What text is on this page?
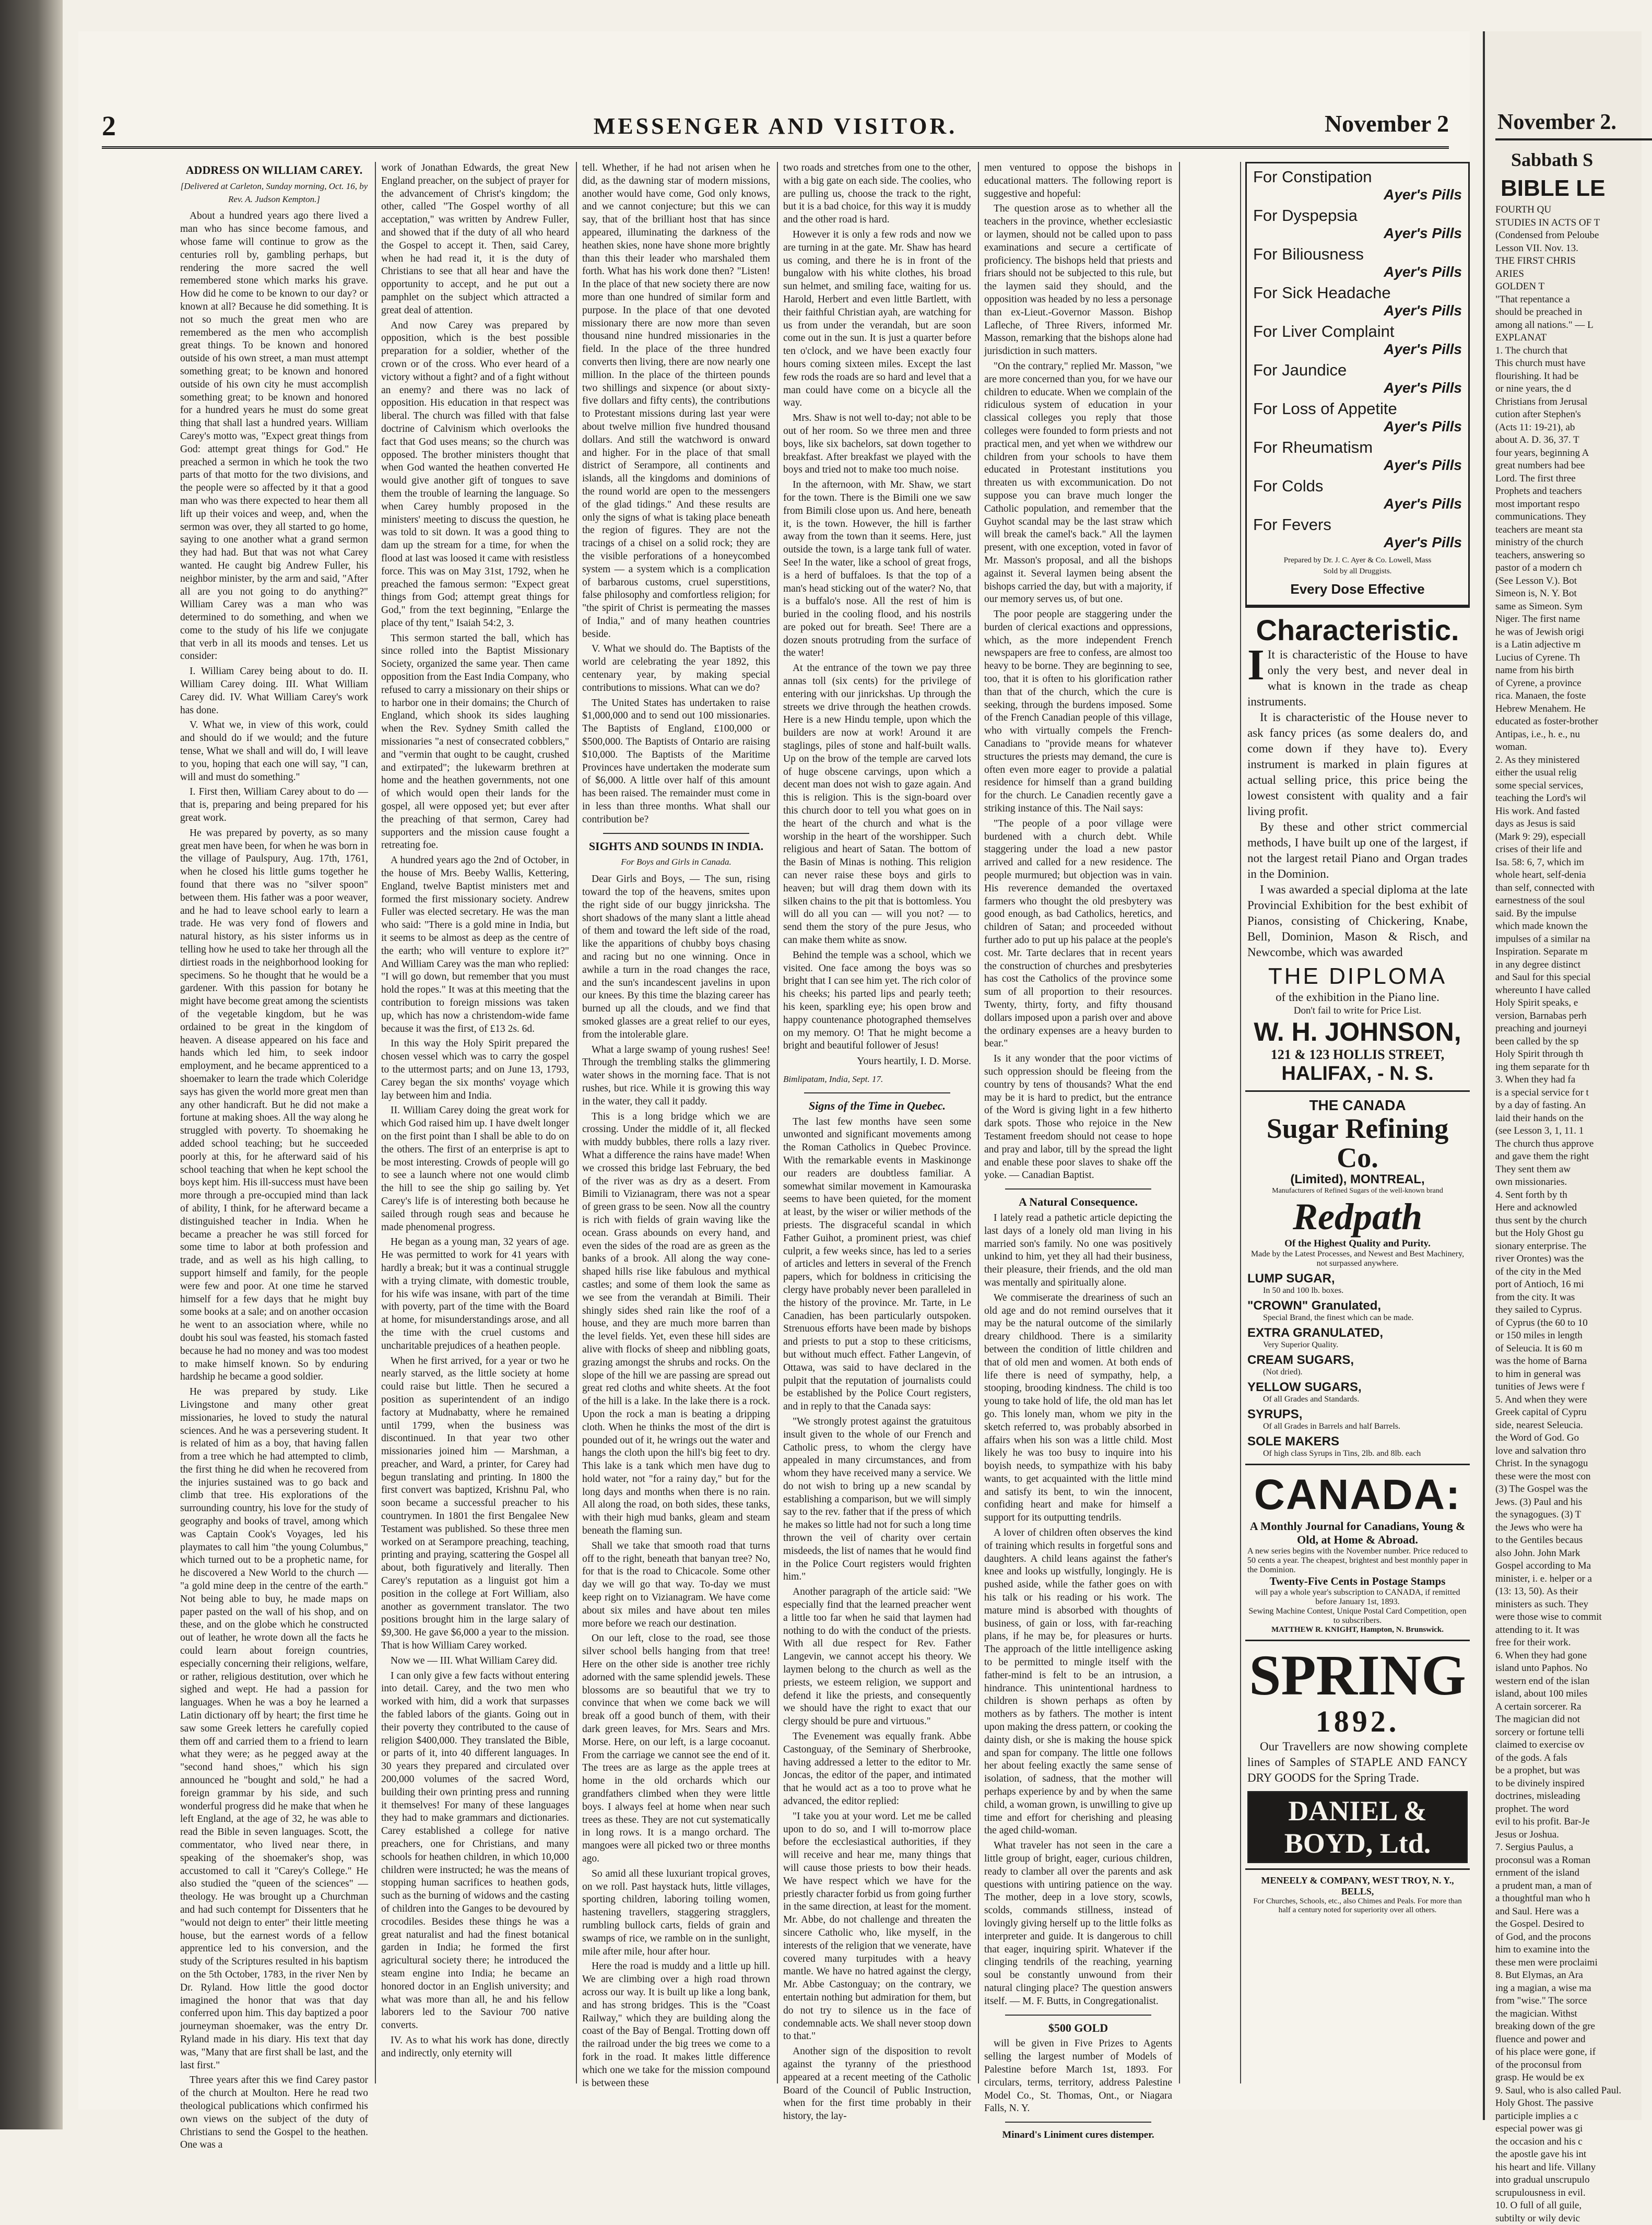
2	MESSENGER AND VISITOR.	November 2
ADDRESS ON WILLIAM CAREY.
[Delivered at Carleton, Sunday morning, Oct. 16, by Rev. A. Judson Kempton.]

About a hundred years ago there lived a man who has since become famous, and whose fame will continue to grow as the centuries roll by, gambling perhaps, but rendering the more sacred the well remembered stone which marks his grave. How did he come to be known to our day? or known at all? Because he did something. It is not so much the great men who are remembered as the men who accomplish great things. To be known and honored outside of his own street, a man must attempt something great; to be known and honored outside of his own city he must accomplish something great; to be known and honored for a hundred years he must do some great thing that shall last a hundred years. William Carey's motto was, "Expect great things from God: attempt great things for God." He preached a sermon in which he took the two parts of that motto for the two divisions, and the people were so affected by it that a good man who was there expected to hear them all lift up their voices and weep, and, when the sermon was over, they all started to go home, saying to one another what a grand sermon they had had. But that was not what Carey wanted. He caught big Andrew Fuller, his neighbor minister, by the arm and said, "After all are you not going to do anything?" William Carey was a man who was determined to do something, and when we come to the study of his life we conjugate that verb in all its moods and tenses. Let us consider:

I. William Carey being about to do. II. William Carey doing. III. What William Carey did. IV. What William Carey's work has done.

V. What we, in view of this work, could and should do if we would; and the future tense, What we shall and will do, I will leave to you, hoping that each one will say, "I can, will and must do something."

I. First then, William Carey about to do — that is, preparing and being prepared for his great work.

He was prepared by poverty, as so many great men have been, for when he was born in the village of Paulspury, Aug. 17th, 1761, when he closed his little gums together he found that there was no "silver spoon" between them. His father was a poor weaver, and he had to leave school early to learn a trade. He was very fond of flowers and natural history, as his sister informs us in telling how he used to take her through all the dirtiest roads in the neighborhood looking for specimens. So he thought that he would be a gardener. With this passion for botany he might have become great among the scientists of the vegetable kingdom, but he was ordained to be great in the kingdom of heaven. A disease appeared on his face and hands which led him, to seek indoor employment, and he became apprenticed to a shoemaker to learn the trade which Coleridge says has given the world more great men than any other handicraft. But he did not make a fortune at making shoes. All the way along he struggled with poverty. To shoemaking he added school teaching; but he succeeded poorly at this, for he afterward said of his school teaching that when he kept school the boys kept him. His ill-success must have been more through a pre-occupied mind than lack of ability, I think, for he afterward became a distinguished teacher in India. When he became a preacher he was still forced for some time to labor at both profession and trade, and as well as his high calling, to support himself and family, for the people were few and poor. At one time he starved himself for a few days that he might buy some books at a sale; and on another occasion he went to an association where, while no doubt his soul was feasted, his stomach fasted because he had no money and was too modest to make himself known. So by enduring hardship he became a good soldier.

He was prepared by study. Like Livingstone and many other great missionaries, he loved to study the natural sciences. And he was a persevering student. It is related of him as a boy, that having fallen from a tree which he had attempted to climb, the first thing he did when he recovered from the injuries sustained was to go back and climb that tree. His explorations of the surrounding country, his love for the study of geography and books of travel, among which was Captain Cook's Voyages, led his playmates to call him "the young Columbus," which turned out to be a prophetic name, for he discovered a New World to the church — "a gold mine deep in the centre of the earth." Not being able to buy, he made maps on paper pasted on the wall of his shop, and on these, and on the globe which he constructed out of leather, he wrote down all the facts he could learn about foreign countries, especially concerning their religions, welfare, or rather, religious destitution, over which he sighed and wept. He had a passion for languages. When he was a boy he learned a Latin dictionary off by heart; the first time he saw some Greek letters he carefully copied them off and carried them to a friend to learn what they were; as he pegged away at the "second hand shoes," which his sign announced he "bought and sold," he had a foreign grammar by his side, and such wonderful progress did he make that when he left England, at the age of 32, he was able to read the Bible in seven languages. Scott, the commentator, who lived near there, in speaking of the shoemaker's shop, was accustomed to call it "Carey's College." He also studied the "queen of the sciences" — theology. He was brought up a Churchman and had such contempt for Dissenters that he "would not deign to enter" their little meeting house, but the earnest words of a fellow apprentice led to his conversion, and the study of the Scriptures resulted in his baptism on the 5th October, 1783, in the river Nen by Dr. Ryland. How little the good doctor imagined the honor that was that day conferred upon him. This day baptized a poor journeyman shoemaker, was the entry Dr. Ryland made in his diary. His text that day was, "Many that are first shall be last, and the last first."

Three years after this we find Carey pastor of the church at Moulton. Here he read two theological publications which confirmed his own views on the subject of the duty of Christians to send the Gospel to the heathen. One was a

work of Jonathan Edwards, the great New England preacher, on the subject of prayer for the advancement of Christ's kingdom; the other, called "The Gospel worthy of all acceptation," was written by Andrew Fuller, and showed that if the duty of all who heard the Gospel to accept it. Then, said Carey, when he had read it, it is the duty of Christians to see that all hear and have the opportunity to accept, and he put out a pamphlet on the subject which attracted a great deal of attention.

And now Carey was prepared by opposition, which is the best possible preparation for a soldier, whether of the crown or of the cross. Who ever heard of a victory without a fight? and of a fight without an enemy? and there was no lack of opposition. His education in that respect was liberal. The church was filled with that false doctrine of Calvinism which overlooks the fact that God uses means; so the church was opposed. The brother ministers thought that when God wanted the heathen converted He would give another gift of tongues to save them the trouble of learning the language. So when Carey humbly proposed in the ministers' meeting to discuss the question, he was told to sit down. It was a good thing to dam up the stream for a time, for when the flood at last was loosed it came with resistless force. This was on May 31st, 1792, when he preached the famous sermon: "Expect great things from God; attempt great things for God," from the text beginning, "Enlarge the place of thy tent," Isaiah 54:2, 3.

This sermon started the ball, which has since rolled into the Baptist Missionary Society, organized the same year. Then came opposition from the East India Company, who refused to carry a missionary on their ships or to harbor one in their domains; the Church of England, which shook its sides laughing when the Rev. Sydney Smith called the missionaries "a nest of consecrated cobblers," and "vermin that ought to be caught, crushed and extirpated"; the lukewarm brethren at home and the heathen governments, not one of which would open their lands for the gospel, all were opposed yet; but ever after the preaching of that sermon, Carey had supporters and the mission cause fought a retreating foe.

A hundred years ago the 2nd of October, in the house of Mrs. Beeby Wallis, Kettering, England, twelve Baptist ministers met and formed the first missionary society. Andrew Fuller was elected secretary. He was the man who said: "There is a gold mine in India, but it seems to be almost as deep as the centre of the earth; who will venture to explore it?" And William Carey was the man who replied: "I will go down, but remember that you must hold the ropes." It was at this meeting that the contribution to foreign missions was taken up, which has now a christendom-wide fame because it was the first, of £13 2s. 6d.

In this way the Holy Spirit prepared the chosen vessel which was to carry the gospel to the uttermost parts; and on June 13, 1793, Carey began the six months' voyage which lay between him and India.

II. William Carey doing the great work for which God raised him up. I have dwelt longer on the first point than I shall be able to do on the others. The first of an enterprise is apt to be most interesting. Crowds of people will go to see a launch where not one would climb the hill to see the ship go sailing by. Yet Carey's life is of interesting both because he sailed through rough seas and because he made phenomenal progress.

He began as a young man, 32 years of age. He was permitted to work for 41 years with hardly a break; but it was a continual struggle with a trying climate, with domestic trouble, for his wife was insane, with part of the time with poverty, part of the time with the Board at home, for misunderstandings arose, and all the time with the cruel customs and uncharitable prejudices of a heathen people.

When he first arrived, for a year or two he nearly starved, as the little society at home could raise but little. Then he secured a position as superintendent of an indigo factory at Mudnabatty, where he remained until 1799, when the business was discontinued. In that year two other missionaries joined him — Marshman, a preacher, and Ward, a printer, for Carey had begun translating and printing. In 1800 the first convert was baptized, Krishnu Pal, who soon became a successful preacher to his countrymen. In 1801 the first Bengalee New Testament was published. So these three men worked on at Serampore preaching, teaching, printing and praying, scattering the Gospel all about, both figuratively and literally. Then Carey's reputation as a linguist got him a position in the college at Fort William, also another as government translator. The two positions brought him in the large salary of $9,300. He gave $6,000 a year to the mission. That is how William Carey worked.

Now we — III. What William Carey did.

I can only give a few facts without entering into detail. Carey, and the two men who worked with him, did a work that surpasses the fabled labors of the giants. Going out in their poverty they contributed to the cause of religion $400,000. They translated the Bible, or parts of it, into 40 different languages. In 30 years they prepared and circulated over 200,000 volumes of the sacred Word, building their own printing press and running it themselves! For many of these languages they had to make grammars and dictionaries. Carey established a college for native preachers, one for Christians, and many schools for heathen children, in which 10,000 children were instructed; he was the means of stopping human sacrifices to heathen gods, such as the burning of widows and the casting of children into the Ganges to be devoured by crocodiles. Besides these things he was a great naturalist and had the finest botanical garden in India; he formed the first agricultural society there; he introduced the steam engine into India; he became an honored doctor in an English university; and what was more than all, he and his fellow laborers led to the Saviour 700 native converts.

IV. As to what his work has done, directly and indirectly, only eternity will

tell. Whether, if he had not arisen when he did, as the dawning star of modern missions, another would have come, God only knows, and we cannot conjecture; but this we can say, that of the brilliant host that has since appeared, illuminating the darkness of the heathen skies, none have shone more brightly than this their leader who marshaled them forth. What has his work done then? "Listen! In the place of that new society there are now more than one hundred of similar form and purpose. In the place of that one devoted missionary there are now more than seven thousand nine hundred missionaries in the field. In the place of the three hundred converts then living, there are now nearly one million. In the place of the thirteen pounds two shillings and sixpence (or about sixty-five dollars and fifty cents), the contributions to Protestant missions during last year were about twelve million five hundred thousand dollars. And still the watchword is onward and higher. For in the place of that small district of Serampore, all continents and islands, all the kingdoms and dominions of the round world are open to the messengers of the glad tidings." And these results are only the signs of what is taking place beneath the region of figures. They are not the tracings of a chisel on a solid rock; they are the visible perforations of a honeycombed system — a system which is a complication of barbarous customs, cruel superstitions, false philosophy and comfortless religion; for "the spirit of Christ is permeating the masses of India," and of many heathen countries beside.

V. What we should do. The Baptists of the world are celebrating the year 1892, this centenary year, by making special contributions to missions. What can we do?

The United States has undertaken to raise $1,000,000 and to send out 100 missionaries. The Baptists of England, £100,000 or $500,000. The Baptists of Ontario are raising $10,000. The Baptists of the Maritime Provinces have undertaken the moderate sum of $6,000. A little over half of this amount has been raised. The remainder must come in in less than three months. What shall our contribution be?

SIGHTS AND SOUNDS IN INDIA.
For Boys and Girls in Canada.

Dear Girls and Boys, — The sun, rising toward the top of the heavens, smites upon the right side of our buggy jinricksha. The short shadows of the many slant a little ahead of them and toward the left side of the road, like the apparitions of chubby boys chasing and racing but no one winning. Once in awhile a turn in the road changes the race, and the sun's incandescent javelins in upon our knees. By this time the blazing career has burned up all the clouds, and we find that smoked glasses are a great relief to our eyes, from the intolerable glare.

What a large swamp of young rushes! See! Through the trembling stalks the glimmering water shows in the morning face. That is not rushes, but rice. While it is growing this way in the water, they call it paddy.

This is a long bridge which we are crossing. Under the middle of it, all flecked with muddy bubbles, there rolls a lazy river. What a difference the rains have made! When we crossed this bridge last February, the bed of the river was as dry as a desert. From Bimili to Vizianagram, there was not a spear of green grass to be seen. Now all the country is rich with fields of grain waving like the ocean. Grass abounds on every hand, and even the sides of the road are as green as the banks of a brook. All along the way cone-shaped hills rise like fabulous and mythical castles; and some of them look the same as we see from the verandah at Bimili. Their shingly sides shed rain like the roof of a house, and they are much more barren than the level fields. Yet, even these hill sides are alive with flocks of sheep and nibbling goats, grazing amongst the shrubs and rocks. On the slope of the hill we are passing are spread out great red cloths and white sheets. At the foot of the hill is a lake. In the lake there is a rock. Upon the rock a man is beating a dripping cloth. When he thinks the most of the dirt is pounded out of it, he wrings out the water and hangs the cloth upon the hill's big feet to dry. This lake is a tank which men have dug to hold water, not "for a rainy day," but for the long days and months when there is no rain. All along the road, on both sides, these tanks, with their high mud banks, gleam and steam beneath the flaming sun.

Shall we take that smooth road that turns off to the right, beneath that banyan tree? No, for that is the road to Chicacole. Some other day we will go that way. To-day we must keep right on to Vizianagram. We have come about six miles and have about ten miles more before we reach our destination.

On our left, close to the road, see those silver school bells hanging from that tree! Here on the other side is another tree richly adorned with the same splendid jewels. These blossoms are so beautiful that we try to convince that when we come back we will break off a good bunch of them, with their dark green leaves, for Mrs. Sears and Mrs. Morse. Here, on our left, is a large cocoanut. From the carriage we cannot see the end of it. The trees are as large as the apple trees at home in the old orchards which our grandfathers climbed when they were little boys. I always feel at home when near such trees as these. They are not cut systematically in long rows. It is a mango orchard. The mangoes were all picked two or three months ago.

So amid all these luxuriant tropical groves, on we roll. Past haystack huts, little villages, sporting children, laboring toiling women, hastening travellers, staggering stragglers, rumbling bullock carts, fields of grain and swamps of rice, we ramble on in the sunlight, mile after mile, hour after hour.

Here the road is muddy and a little up hill. We are climbing over a high road thrown across our way. It is built up like a long bank, and has strong bridges. This is the "Coast Railway," which they are building along the coast of the Bay of Bengal. Trotting down off the railroad under the big trees we come to a fork in the road. It makes little difference which one we take for the mission compound is between these

two roads and stretches from one to the other, with a big gate on each side. The coolies, who are pulling us, choose the track to the right, but it is a bad choice, for this way it is muddy and the other road is hard.

However it is only a few rods and now we are turning in at the gate. Mr. Shaw has heard us coming, and there he is in front of the bungalow with his white clothes, his broad sun helmet, and smiling face, waiting for us. Harold, Herbert and even little Bartlett, with their faithful Christian ayah, are watching for us from under the verandah, but are soon come out in the sun. It is just a quarter before ten o'clock, and we have been exactly four hours coming sixteen miles. Except the last few rods the roads are so hard and level that a man could have come on a bicycle all the way.

Mrs. Shaw is not well to-day; not able to be out of her room. So we three men and three boys, like six bachelors, sat down together to breakfast. After breakfast we played with the boys and tried not to make too much noise.

In the afternoon, with Mr. Shaw, we start for the town. There is the Bimili one we saw from Bimili close upon us. And here, beneath it, is the town. However, the hill is farther away from the town than it seems. Here, just outside the town, is a large tank full of water. See! In the water, like a school of great frogs, is a herd of buffaloes. Is that the top of a man's head sticking out of the water? No, that is a buffalo's nose. All the rest of him is buried in the cooling flood, and his nostrils are poked out for breath. See! There are a dozen snouts protruding from the surface of the water!

At the entrance of the town we pay three annas toll (six cents) for the privilege of entering with our jinrickshas. Up through the streets we drive through the heathen crowds. Here is a new Hindu temple, upon which the builders are now at work! Around it are staglings, piles of stone and half-built walls. Up on the brow of the temple are carved lots of huge obscene carvings, upon which a decent man does not wish to gaze again. And this is religion. This is the sign-board over this church door to tell you what goes on in the heart of the church and what is the worship in the heart of the worshipper. Such religious and heart of Satan. The bottom of the Basin of Minas is nothing. This religion can never raise these boys and girls to heaven; but will drag them down with its silken chains to the pit that is bottomless. You will do all you can — will you not? — to send them the story of the pure Jesus, who can make them white as snow.

Behind the temple was a school, which we visited. One face among the boys was so bright that I can see him yet. The rich color of his cheeks; his parted lips and pearly teeth; his keen, sparkling eye; his open brow and happy countenance photographed themselves on my memory. O! That he might become a bright and beautiful follower of Jesus!

Yours heartily, I. D. Morse.
Bimlipatam, India, Sept. 17.
Signs of the Time in Quebec.

The last few months have seen some unwonted and significant movements among the Roman Catholics in Quebec Province. With the remarkable events in Maskinonge our readers are doubtless familiar. A somewhat similar movement in Kamouraska seems to have been quieted, for the moment at least, by the wiser or wilier methods of the priests. The disgraceful scandal in which Father Guihot, a prominent priest, was chief culprit, a few weeks since, has led to a series of articles and letters in several of the French papers, which for boldness in criticising the clergy have probably never been paralleled in the history of the province. Mr. Tarte, in Le Canadien, has been particularly outspoken. Strenuous efforts have been made by bishops and priests to put a stop to these criticisms, but without much effect. Father Langevin, of Ottawa, was said to have declared in the pulpit that the reputation of journalists could be established by the Police Court registers, and in reply to that the Canada says:

"We strongly protest against the gratuitous insult given to the whole of our French and Catholic press, to whom the clergy have appealed in many circumstances, and from whom they have received many a service. We do not wish to bring up a new scandal by establishing a comparison, but we will simply say to the rev. father that if the press of which he makes so little had not for such a long time thrown the veil of charity over certain misdeeds, the list of names that he would find in the Police Court registers would frighten him."

Another paragraph of the article said: "We especially find that the learned preacher went a little too far when he said that laymen had nothing to do with the conduct of the priests. With all due respect for Rev. Father Langevin, we cannot accept his theory. We laymen belong to the church as well as the priests, we esteem religion, we support and defend it like the priests, and consequently we should have the right to exact that our clergy should be pure and virtuous."

The Evenement was equally frank. Abbe Castonguay, of the Seminary of Sherbrooke, having addressed a letter to the editor to Mr. Joncas, the editor of the paper, and intimated that he would act as a too to prove what he advanced, the editor replied:

"I take you at your word. Let me be called upon to do so, and I will to-morrow place before the ecclesiastical authorities, if they will receive and hear me, many things that will cause those priests to bow their heads. We have respect which we have for the priestly character forbid us from going further in the same direction, at least for the moment. Mr. Abbe, do not challenge and threaten the sincere Catholic who, like myself, in the interests of the religion that we venerate, have covered many turpitudes with a heavy mantle. We have no hatred against the clergy, Mr. Abbe Castonguay; on the contrary, we entertain nothing but admiration for them, but do not try to silence us in the face of condemnable acts. We shall never stoop down to that."

Another sign of the disposition to revolt against the tyranny of the priesthood appeared at a recent meeting of the Catholic Board of the Council of Public Instruction, when for the first time probably in their history, the lay-

men ventured to oppose the bishops in educational matters. The following report is suggestive and hopeful:

The question arose as to whether all the teachers in the province, whether ecclesiastic or laymen, should not be called upon to pass examinations and secure a certificate of proficiency. The bishops held that priests and friars should not be subjected to this rule, but the laymen said they should, and the opposition was headed by no less a personage than ex-Lieut.-Governor Masson. Bishop Lafleche, of Three Rivers, informed Mr. Masson, remarking that the bishops alone had jurisdiction in such matters.

"On the contrary," replied Mr. Masson, "we are more concerned than you, for we have our children to educate. When we complain of the ridiculous system of education in your classical colleges you reply that those colleges were founded to form priests and not practical men, and yet when we withdrew our children from your schools to have them educated in Protestant institutions you threaten us with excommunication. Do not suppose you can brave much longer the Catholic population, and remember that the Guyhot scandal may be the last straw which will break the camel's back." All the laymen present, with one exception, voted in favor of Mr. Masson's proposal, and all the bishops against it. Several laymen being absent the bishops carried the day, but with a majority, if our memory serves us, of but one.

The poor people are staggering under the burden of clerical exactions and oppressions, which, as the more independent French newspapers are free to confess, are almost too heavy to be borne. They are beginning to see, too, that it is often to his glorification rather than that of the church, which the cure is seeking, through the burdens imposed. Some of the French Canadian people of this village, who with virtually compels the French-Canadians to "provide means for whatever structures the priests may demand, the cure is often even more eager to provide a palatial residence for himself than a grand building for the church. Le Canadien recently gave a striking instance of this. The Nail says:

"The people of a poor village were burdened with a church debt. While staggering under the load a new pastor arrived and called for a new residence. The people murmured; but objection was in vain. His reverence demanded the overtaxed farmers who thought the old presbytery was good enough, as bad Catholics, heretics, and children of Satan; and proceeded without further ado to put up his palace at the people's cost. Mr. Tarte declares that in recent years the construction of churches and presbyteries has cost the Catholics of the province some sum of all proportion to their resources. Twenty, thirty, forty, and fifty thousand dollars imposed upon a parish over and above the ordinary expenses are a heavy burden to bear."

Is it any wonder that the poor victims of such oppression should be fleeing from the country by tens of thousands? What the end may be it is hard to predict, but the entrance of the Word is giving light in a few hitherto dark spots. Those who rejoice in the New Testament freedom should not cease to hope and pray and labor, till by the spread the light and enable these poor slaves to shake off the yoke. — Canadian Baptist.

A Natural Consequence.

I lately read a pathetic article depicting the last days of a lonely old man living in his married son's family. No one was positively unkind to him, yet they all had their business, their pleasure, their friends, and the old man was mentally and spiritually alone.

We commiserate the dreariness of such an old age and do not remind ourselves that it may be the natural outcome of the similarly dreary childhood. There is a similarity between the condition of little children and that of old men and women. At both ends of life there is need of sympathy, help, a stooping, brooding kindness. The child is too young to take hold of life, the old man has let go. This lonely man, whom we pity in the sketch referred to, was probably absorbed in affairs when his son was a little child. Most likely he was too busy to inquire into his boyish needs, to sympathize with his baby wants, to get acquainted with the little mind and satisfy its bent, to win the innocent, confiding heart and make for himself a support for its outputting tendrils.

A lover of children often observes the kind of training which results in forgetful sons and daughters. A child leans against the father's knee and looks up wistfully, longingly. He is pushed aside, while the father goes on with his talk or his reading or his work. The mature mind is absorbed with thoughts of business, of gain or loss, with far-reaching plans, if he may be, for pleasures or hurts. The approach of the little intelligence asking to be permitted to mingle itself with the father-mind is felt to be an intrusion, a hindrance. This unintentional hardness to children is shown perhaps as often by mothers as by fathers. The mother is intent upon making the dress pattern, or cooking the dainty dish, or she is making the house spick and span for company. The little one follows her about feeling exactly the same sense of isolation, of sadness, that the mother will perhaps experience by and by when the same child, a woman grown, is unwilling to give up time and effort for cherishing and pleasing the aged child-woman.

What traveler has not seen in the care a little group of bright, eager, curious children, ready to clamber all over the parents and ask questions with untiring patience on the way. The mother, deep in a love story, scowls, scolds, commands stillness, instead of lovingly giving herself up to the little folks as interpreter and guide. It is dangerous to chill that eager, inquiring spirit. Whatever if the clinging tendrils of the reaching, yearning soul be constantly unwound from their natural clinging place? The question answers itself. — M. F. Butts, in Congregationalist.

$500 GOLD

will be given in Five Prizes to Agents selling the largest number of Models of Palestine before March 1st, 1893. For circulars, terms, territory, address Palestine Model Co., St. Thomas, Ont., or Niagara Falls, N. Y.

Minard's Liniment cures distemper.
For Constipation
Ayer's Pills
For Dyspepsia
Ayer's Pills
For Biliousness
Ayer's Pills
For Sick Headache
Ayer's Pills
For Liver Complaint
Ayer's Pills
For Jaundice
Ayer's Pills
For Loss of Appetite
Ayer's Pills
For Rheumatism
Ayer's Pills
For Colds
Ayer's Pills
For Fevers
Ayer's Pills
Prepared by Dr. J. C. Ayer & Co. Lowell, Mass
Sold by all Druggists.
Every Dose Effective
Characteristic.
I It is characteristic of the House to have only the very best, and never deal in what is known in the trade as cheap instruments.
It is characteristic of the House never to ask fancy prices (as some dealers do, and come down if they have to). Every instrument is marked in plain figures at actual selling price, this price being the lowest consistent with quality and a fair living profit.
By these and other strict commercial methods, I have built up one of the largest, if not the largest retail Piano and Organ trades in the Dominion.
I was awarded a special diploma at the late Provincial Exhibition for the best exhibit of Pianos, consisting of Chickering, Knabe, Bell, Dominion, Mason & Risch, and Newcombe, which was awarded
THE DIPLOMA
of the exhibition in the Piano line.
Don't fail to write for Price List.
W. H. JOHNSON,
121 & 123 HOLLIS STREET,
HALIFAX, - N. S.
THE CANADA
Sugar Refining Co.
(Limited), MONTREAL,
Manufacturers of Refined Sugars of the well-known brand
Redpath
Of the Highest Quality and Purity.
Made by the Latest Processes, and Newest and Best Machinery, not surpassed anywhere.
LUMP SUGAR,
In 50 and 100 lb. boxes.
"CROWN" Granulated,
Special Brand, the finest which can be made.
EXTRA GRANULATED,
Very Superior Quality.
CREAM SUGARS,
(Not dried).
YELLOW SUGARS,
Of all Grades and Standards.
SYRUPS,
Of all Grades in Barrels and half Barrels.
SOLE MAKERS
Of high class Syrups in Tins, 2lb. and 8lb. each
CANADA:
A Monthly Journal for Canadians, Young & Old, at Home & Abroad.
A new series begins with the November number. Price reduced to 50 cents a year. The cheapest, brightest and best monthly paper in the Dominion.
Twenty-Five Cents in Postage Stamps
will pay a whole year's subscription to CANADA, if remitted before January 1st, 1893.
Sewing Machine Contest, Unique Postal Card Competition, open to subscribers.
MATTHEW R. KNIGHT, Hampton, N. Brunswick.
SPRING
1892.
Our Travellers are now showing complete lines of Samples of STAPLE AND FANCY DRY GOODS for the Spring Trade.
DANIEL & BOYD, Ltd.
MENEELY & COMPANY, WEST TROY, N. Y., BELLS,
For Churches, Schools, etc., also Chimes and Peals. For more than half a century noted for superiority over all others.
November 2.
Sabbath S
BIBLE LE
FOURTH QU
STUDIES IN ACTS OF T
(Condensed from Peloube
Lesson VII. Nov. 13.
THE FIRST CHRIS
ARIES
GOLDEN T
"That repentance a
should be preached in
among all nations." — L
EXPLANAT
1. The church that
This church must have
flourishing. It had be
or nine years, the d
Christians from Jerusal
cution after Stephen's
(Acts 11: 19-21), ab
about A. D. 36, 37. T
four years, beginning A
great numbers had bee
Lord. The first three
Prophets and teachers
most important respo
communications. They
teachers are meant sta
ministry of the church
teachers, answering so
pastor of a modern ch
(See Lesson V.). Bot
Simeon is, N. Y. Bot
same as Simeon. Sym
Niger. The first name
he was of Jewish origi
is a Latin adjective m
Lucius of Cyrene. Th
name from his birth
of Cyrene, a province
rica. Manaen, the foste
Hebrew Menahem. He
educated as foster-brother
Antipas, i.e., h. e., nu
woman.
2. As they ministered
either the usual relig
some special services,
teaching the Lord's wil
His work. And fasted
days as Jesus is said
(Mark 9: 29), especiall
crises of their life and
Isa. 58: 6, 7, which im
whole heart, self-denia
than self, connected with
earnestness of the soul
said. By the impulse
which made known the
impulses of a similar na
Inspiration. Separate m
in any degree distinct
and Saul for this special
whereunto I have called
Holy Spirit speaks, e
version, Barnabas perh
preaching and journeyi
been called by the sp
Holy Spirit through th
ing them separate for th
3. When they had fa
is a special service for t
by a day of fasting. An
laid their hands on the
(see Lesson 3, 1, 11. 1
The church thus approve
and gave them the right
They sent them aw
own missionaries.
4. Sent forth by th
Here and acknowled
thus sent by the church
but the Holy Ghost gu
sionary enterprise. The
river Orontes) was the
of the city in the Med
port of Antioch, 16 mi
from the city. It was
they sailed to Cyprus.
of Cyprus (the 60 to 10
or 150 miles in length
of Seleucia. It is 60 m
was the home of Barna
to him in general was
tunities of Jews were f
5. And when they were
Greek capital of Cypru
side, nearest Seleucia.
the Word of God. Go
love and salvation thro
Christ. In the synagogu
these were the most con
(3) The Gospel was the
Jews. (3) Paul and his
the synagogues. (3) T
the Jews who were ha
to the Gentiles becaus
also John. John Mark
Gospel according to Ma
minister, i. e. helper or a
(13: 13, 50). As their
ministers as such. They
were those wise to commit
attending to it. It was
free for their work.
6. When they had gone
island unto Paphos. No
western end of the islan
island, about 100 miles
A certain sorcerer. Ra
The magician did not
sorcery or fortune telli
claimed to exercise ov
of the gods. A fals
be a prophet, but was
to be divinely inspired
doctrines, misleading
prophet. The word
evil to his profit. Bar-Je
Jesus or Joshua.
7. Sergius Paulus, a
proconsul was a Roman
ernment of the island
a prudent man, a man of
a thoughtful man who h
and Saul. Here was a
the Gospel. Desired to
of God, and the procons
him to examine into the
these men were proclaimi
8. But Elymas, an Ara
ing a magian, a wise ma
from "wise." The sorce
the magician. Withst
breaking down of the gre
fluence and power and
of his place were gone, if
of the proconsul from
grasp. He would be ex
9. Saul, who is also called Paul.
Holy Ghost. The passive
participle implies a c
especial power was gi
the occasion and his c
the apostle gave his int
his heart and life. Villany
into gradual unscrupulo
scrupulousness in evil.
10. O full of all guile,
subtilty or wily devic
